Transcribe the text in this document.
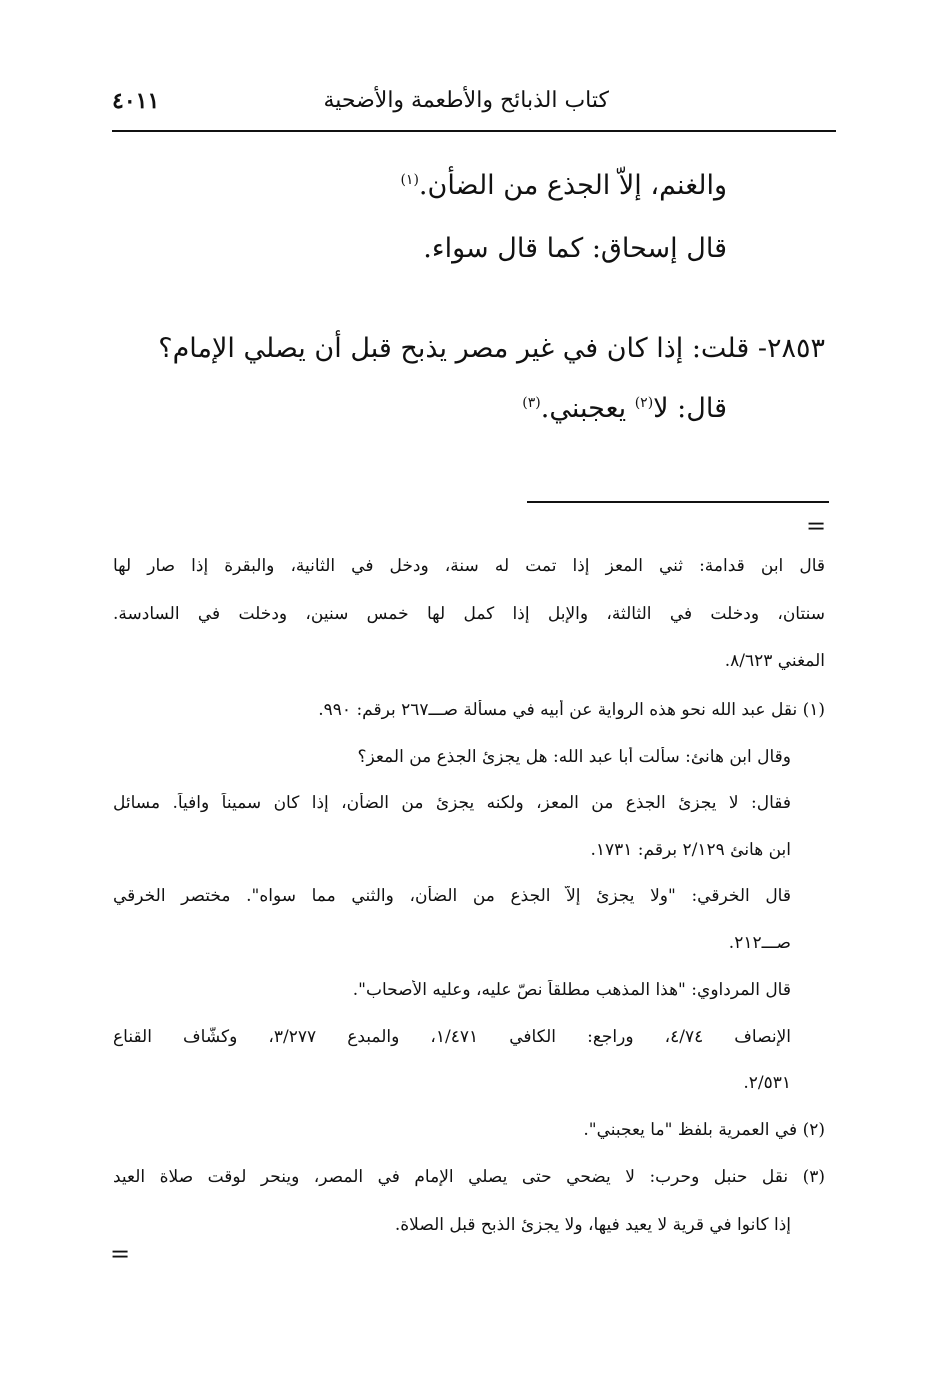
كتاب الذبائح والأطعمة والأضحية
٤٠١١
والغنم، إلاّ الجذع من الضأن.$^{(١)}$
قال إسحاق: كما قال سواء.
٢٨٥٣- قلت: إذا كان في غير مصر يذبح قبل أن يصلي الإمام؟
قال: لا$^{(٢)}$ يعجبني.$^{(٣)}$
=
قال ابن قدامة: ثني المعز إذا تمت له سنة، ودخل في الثانية، والبقرة إذا صار لها
سنتان، ودخلت في الثالثة، والإبل إذا كمل لها خمس سنين، ودخلت في السادسة.
المغني ٨/٦٢٣.
(١) نقل عبد الله نحو هذه الرواية عن أبيه في مسألة صـــ٢٦٧ برقم: ٩٩٠.
وقال ابن هانئ: سألت أبا عبد الله: هل يجزئ الجذع من المعز؟
فقال: لا يجزئ الجذع من المعز، ولكنه يجزئ من الضأن، إذا كان سميناً وافياً. مسائل
ابن هانئ ٢/١٢٩ برقم: ١٧٣١.
قال الخرقي: "ولا يجزئ إلاّ الجذع من الضأن، والثني مما سواه". مختصر الخرقي
صـــ٢١٢.
قال المرداوي: "هذا المذهب مطلقاً نصّ عليه، وعليه الأصحاب".
الإنصاف ٤/٧٤، وراجع: الكافي ١/٤٧١، والمبدع ٣/٢٧٧، وكشّاف القناع
٢/٥٣١.
(٢) في العمرية بلفظ "ما يعجبني".
(٣) نقل حنبل وحرب: لا يضحي حتى يصلي الإمام في المصر، وينحر لوقت صلاة العيد
إذا كانوا في قرية لا يعيد فيها، ولا يجزئ الذبح قبل الصلاة.
=
